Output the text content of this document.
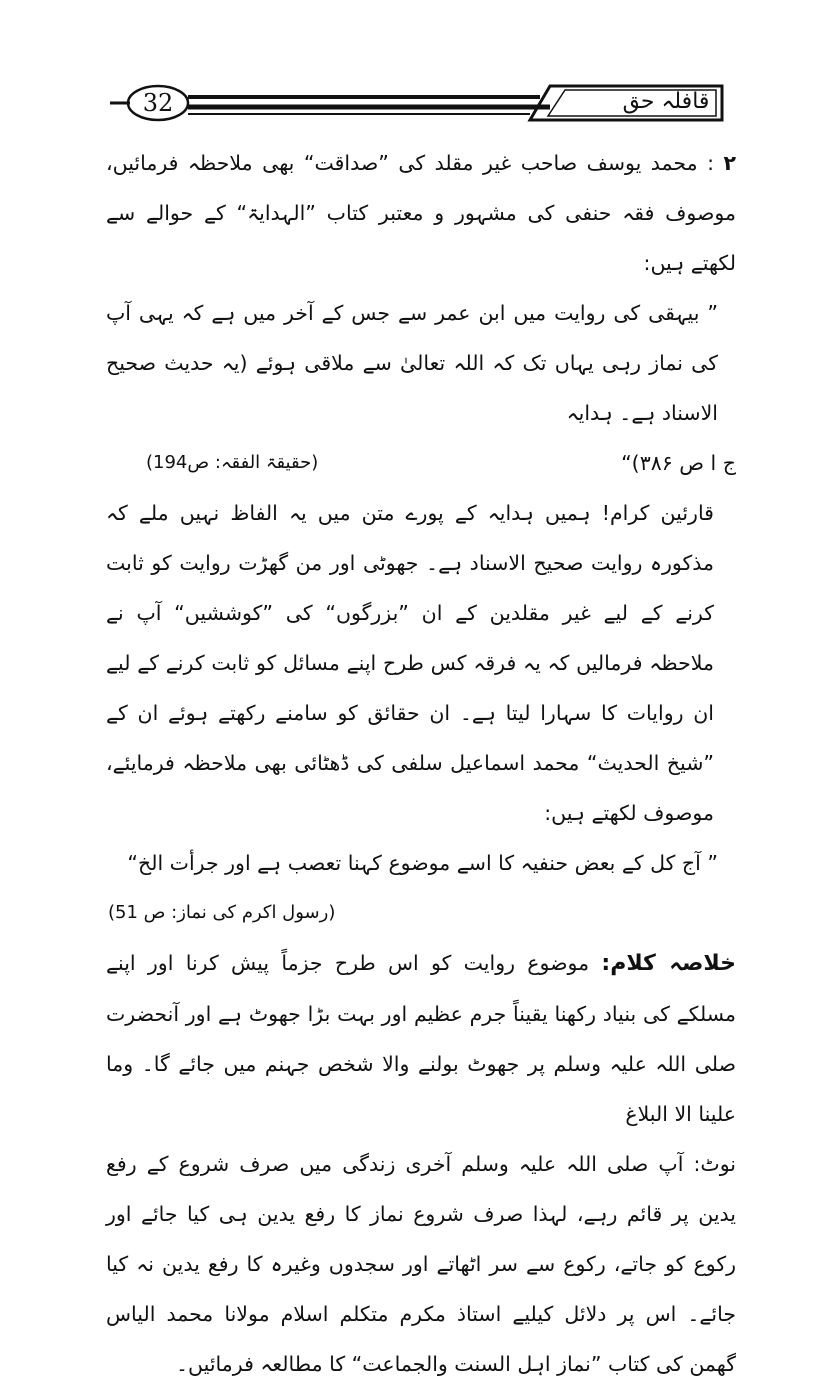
32	قافلہ حق

۲ : محمد یوسف صاحب غیر مقلد کی ”صداقت“ بھی ملاحظہ فرمائیں، موصوف فقہ حنفی کی مشہور و معتبر کتاب ”الہدایۃ“ کے حوالے سے لکھتے ہیں:

” بیہقی کی روایت میں ابن عمر سے جس کے آخر میں ہے کہ یہی آپ کی نماز رہی یہاں تک کہ اللہ تعالیٰ سے ملاقی ہوئے (یہ حدیث صحیح الاسناد ہے۔ ہدایہ

ج ا ص ۳۸۶)“
(حقیقۃ الفقہ: ص194)

قارئین کرام! ہمیں ہدایہ کے پورے متن میں یہ الفاظ نہیں ملے کہ مذکورہ روایت صحیح الاسناد ہے۔ جھوٹی اور من گھڑت روایت کو ثابت کرنے کے لیے غیر مقلدین کے ان ”بزرگوں“ کی ”کوششیں“ آپ نے ملاحظہ فرمالیں کہ یہ فرقہ کس طرح اپنے مسائل کو ثابت کرنے کے لیے ان روایات کا سہارا لیتا ہے۔ ان حقائق کو سامنے رکھتے ہوئے ان کے ”شیخ الحدیث“ محمد اسماعیل سلفی کی ڈھٹائی بھی ملاحظہ فرمایئے، موصوف لکھتے ہیں:

” آج کل کے بعض حنفیہ کا اسے موضوع کہنا تعصب ہے اور جرأت الخ“

(رسول اکرم کی نماز: ص 51)

خلاصہ کلام: موضوع روایت کو اس طرح جزماً پیش کرنا اور اپنے مسلکے کی بنیاد رکھنا یقیناً جرم عظیم اور بہت بڑا جھوٹ ہے اور آنحضرت صلی اللہ علیہ وسلم پر جھوٹ بولنے والا شخص جہنم میں جائے گا۔ وما علینا الا البلاغ

نوٹ: آپ صلی اللہ علیہ وسلم آخری زندگی میں صرف شروع کے رفع یدین پر قائم رہے، لہذا صرف شروع نماز کا رفع یدین ہی کیا جائے اور رکوع کو جاتے، رکوع سے سر اٹھاتے اور سجدوں وغیرہ کا رفع یدین نہ کیا جائے۔ اس پر دلائل کیلیے استاذ مکرم متکلم اسلام مولانا محمد الیاس گھمن کی کتاب ”نماز اہل السنت والجماعت“ کا مطالعہ فرمائیں۔
